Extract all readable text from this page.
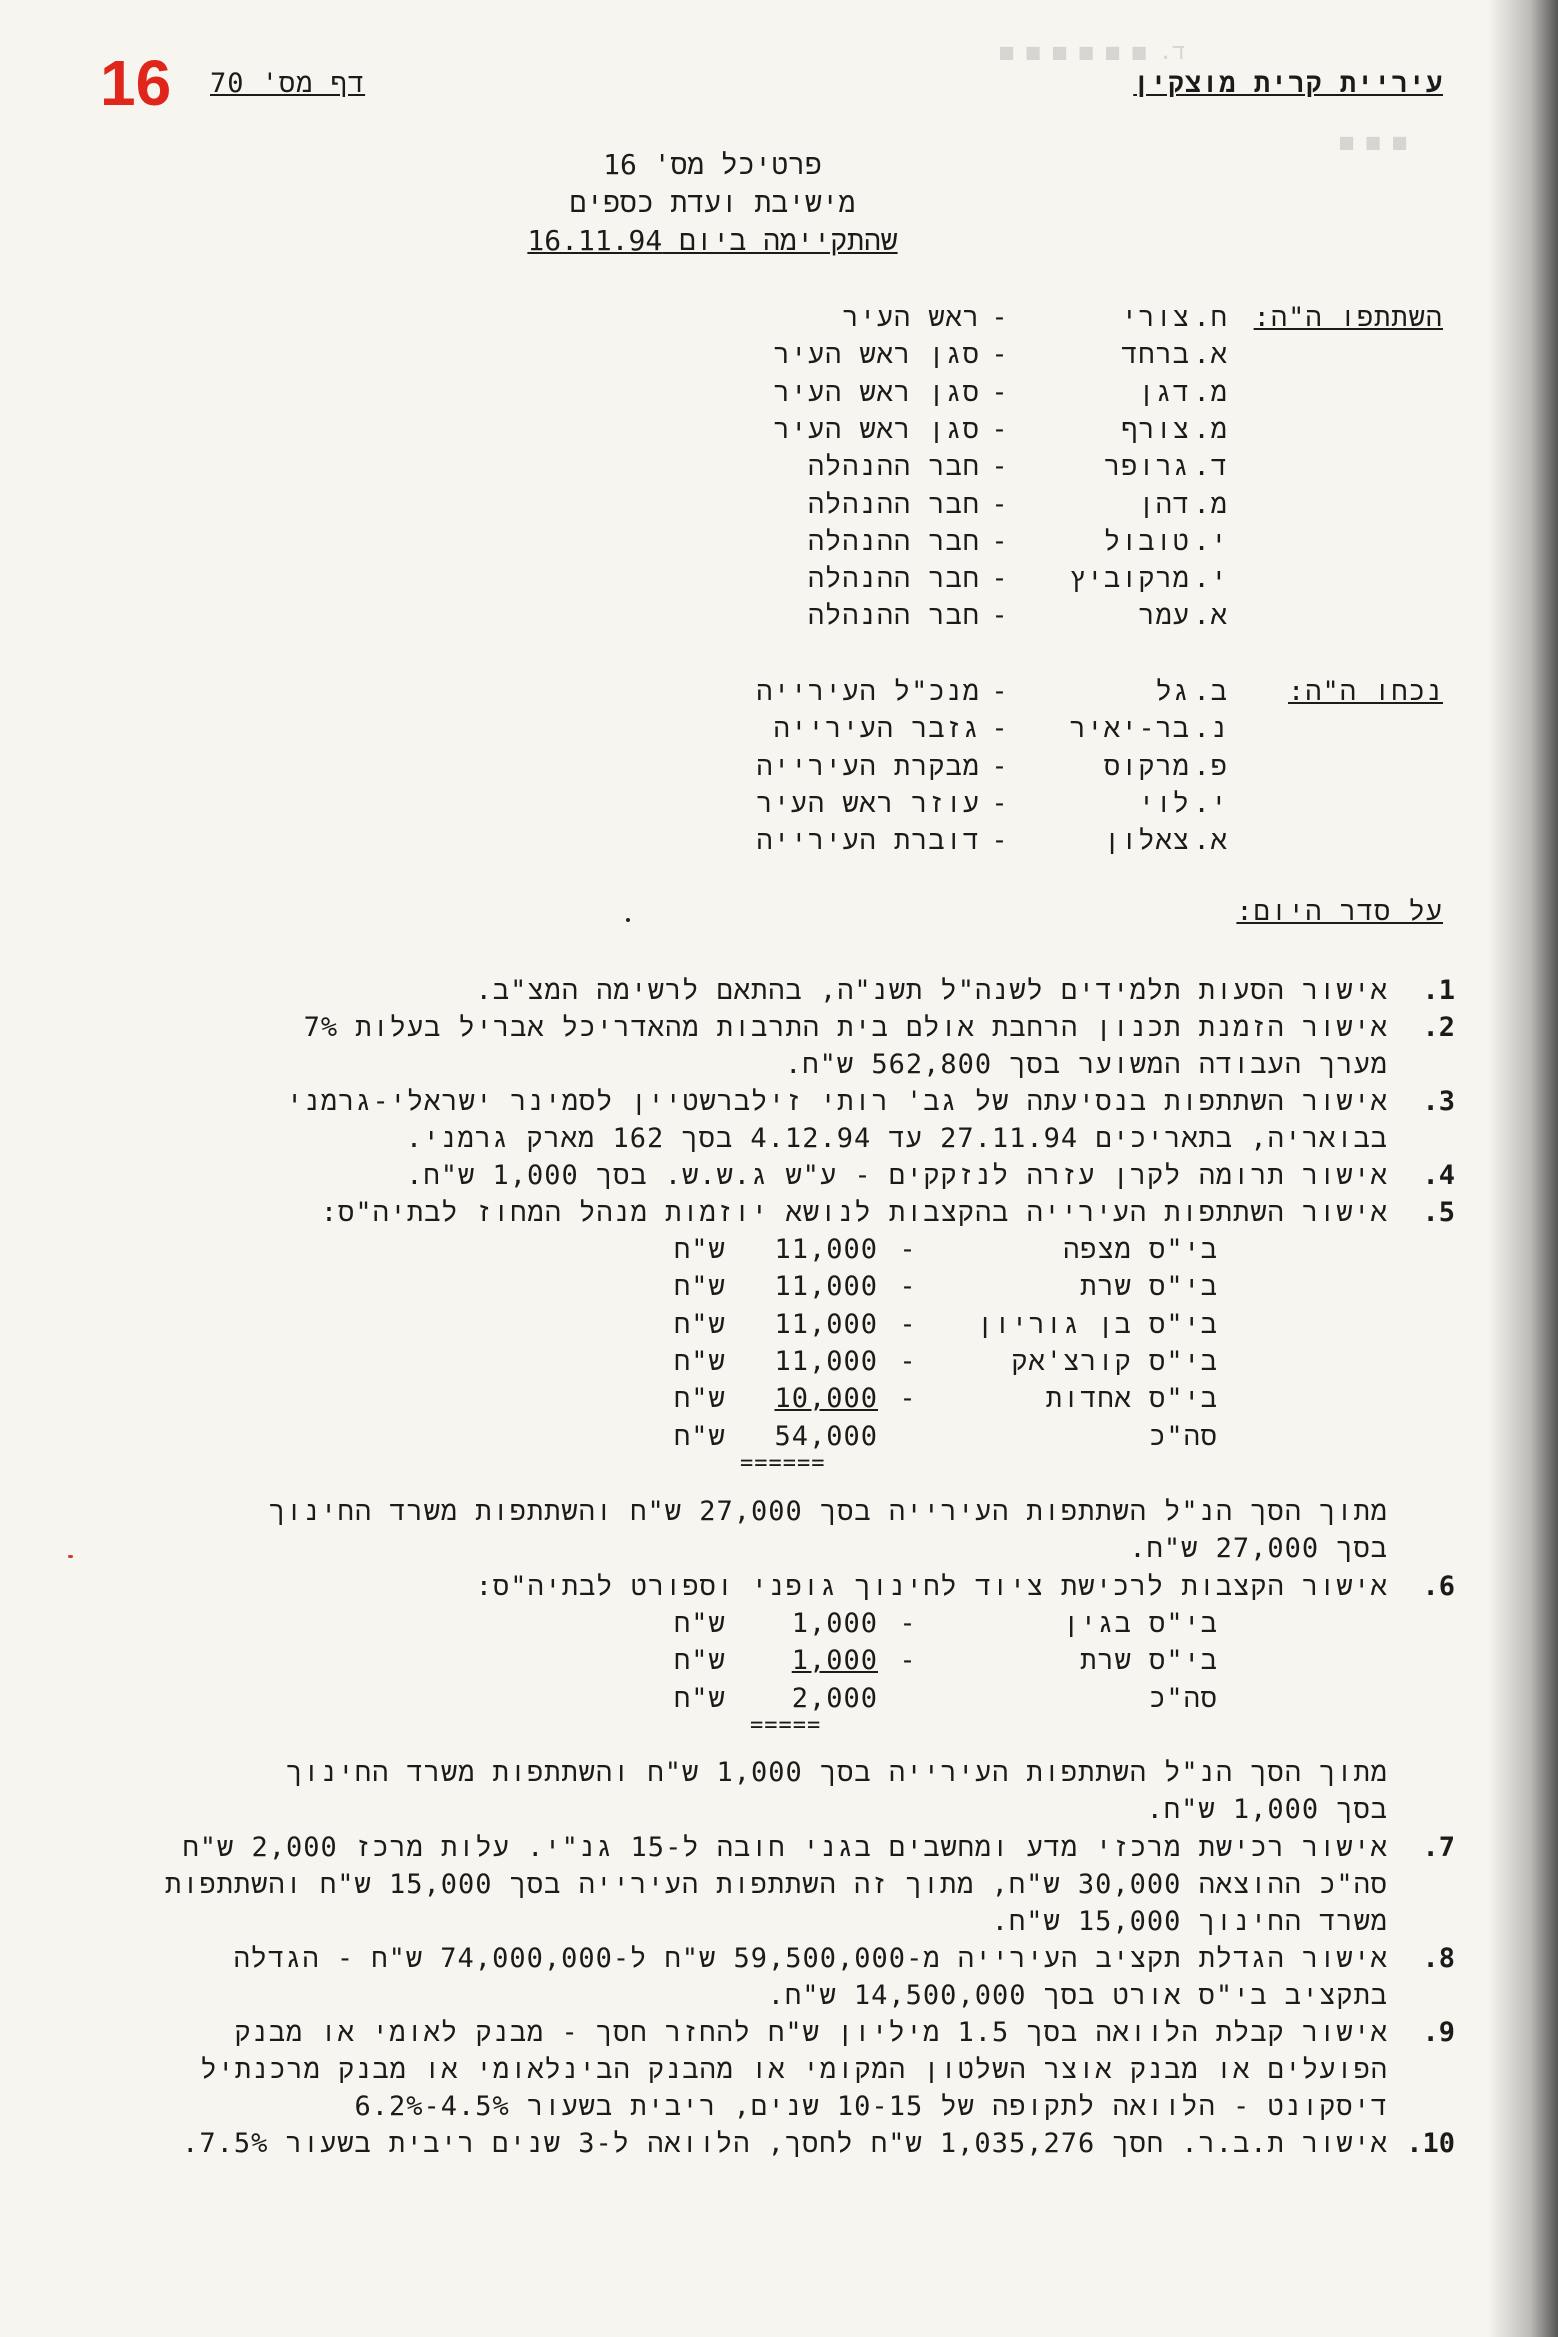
ד. ■ ■ ■ ■ ■ ■
■ ■ ■
16 דף מס' 70	עיריית קרית מוצקין
פרטיכל מס' 16
מישיבת ועדת כספים
שהתקיימה ביום 16.11.94
השתתפו ה"ה:
ח.צורי-ראש העיר
א.ברחד-סגן ראש העיר
מ.דגן-סגן ראש העיר
מ.צורף-סגן ראש העיר
ד.גרופר-חבר ההנהלה
מ.דהן-חבר ההנהלה
י.טובול-חבר ההנהלה
י.מרקוביץ-חבר ההנהלה
א.עמר-חבר ההנהלה
נכחו ה"ה:
ב.גל-מנכ"ל העירייה
נ.בר-יאיר-גזבר העירייה
פ.מרקוס-מבקרת העירייה
י.לוי-עוזר ראש העיר
א.צאלון-דוברת העירייה
על סדר היום:
.1
אישור הסעות תלמידים לשנה"ל תשנ"ה, בהתאם לרשימה המצ"ב.
.2
אישור הזמנת תכנון הרחבת אולם בית התרבות מהאדריכל אבריל בעלות 7%
מערך העבודה המשוער בסך 562,800 ש"ח.
.3
אישור השתתפות בנסיעתה של גב' רותי זילברשטיין לסמינר ישראלי-גרמני
בבואריה, בתאריכים 27.11.94 עד 4.12.94 בסך 162 מארק גרמני.
.4
אישור תרומה לקרן עזרה לנזקקים - ע"ש ג.ש.ש. בסך 1,000 ש"ח.
.5
אישור השתתפות העירייה בהקצבות לנושא יוזמות מנהל המחוז לבתיה"ס:
.6
אישור הקצבות לרכישת ציוד לחינוך גופני וספורט לבתיה"ס:
.7
אישור רכישת מרכזי מדע ומחשבים בגני חובה ל-15 גנ"י. עלות מרכז 2,000 ש"ח
סה"כ ההוצאה 30,000 ש"ח, מתוך זה השתתפות העירייה בסך 15,000 ש"ח והשתתפות
משרד החינוך 15,000 ש"ח.
.8
אישור הגדלת תקציב העירייה מ-59,500,000 ש"ח ל-74,000,000 ש"ח - הגדלה
בתקציב בי"ס אורט בסך 14,500,000 ש"ח.
.9
אישור קבלת הלוואה בסך 1.5 מיליון ש"ח להחזר חסך - מבנק לאומי או מבנק
הפועלים או מבנק אוצר השלטון המקומי או מהבנק הבינלאומי או מבנק מרכנתיל
דיסקונט - הלוואה לתקופה של 10-15 שנים, ריבית בשעור 4.5%-6.2%
.10
אישור ת.ב.ר. חסך 1,035,276 ש"ח לחסך, הלוואה ל-3 שנים ריבית בשעור 7.5%.
בי"ס מצפה-11,000ש"ח
בי"ס שרת-11,000ש"ח
בי"ס בן גוריון-11,000ש"ח
בי"ס קורצ'אק-11,000ש"ח
בי"ס אחדות-10,000ש"ח
סה"כ54,000ש"ח
======
מתוך הסך הנ"ל השתתפות העירייה בסך 27,000 ש"ח והשתתפות משרד החינוך
בסך 27,000 ש"ח.
בי"ס בגין-1,000ש"ח
בי"ס שרת-1,000ש"ח
סה"כ2,000ש"ח
=====
מתוך הסך הנ"ל השתתפות העירייה בסך 1,000 ש"ח והשתתפות משרד החינוך
בסך 1,000 ש"ח.
